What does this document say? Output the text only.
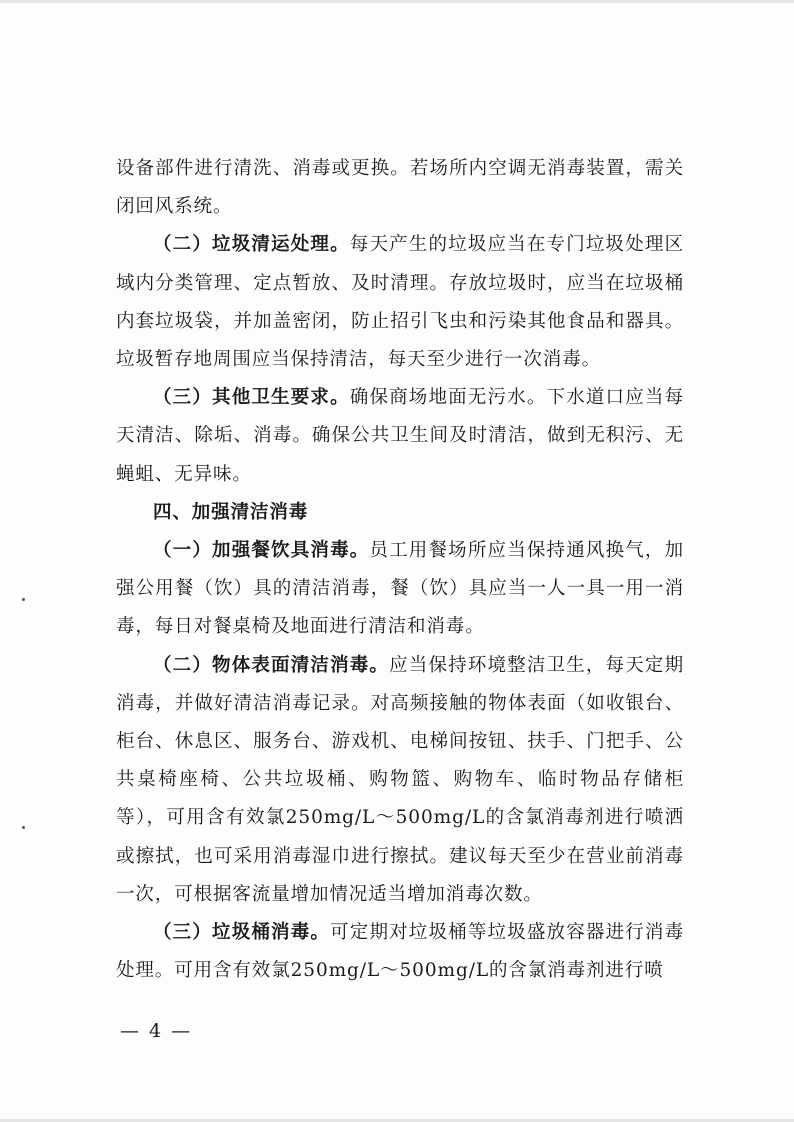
设备部件进行清洗、消毒或更换。若场所内空调无消毒装置，需关闭回风系统。

（二）垃圾清运处理。每天产生的垃圾应当在专门垃圾处理区域内分类管理、定点暂放、及时清理。存放垃圾时，应当在垃圾桶内套垃圾袋，并加盖密闭，防止招引飞虫和污染其他食品和器具。垃圾暂存地周围应当保持清洁，每天至少进行一次消毒。

（三）其他卫生要求。确保商场地面无污水。下水道口应当每天清洁、除垢、消毒。确保公共卫生间及时清洁，做到无积污、无蝇蛆、无异味。

四、加强清洁消毒

（一）加强餐饮具消毒。员工用餐场所应当保持通风换气，加强公用餐（饮）具的清洁消毒，餐（饮）具应当一人一具一用一消毒，每日对餐桌椅及地面进行清洁和消毒。

（二）物体表面清洁消毒。应当保持环境整洁卫生，每天定期消毒，并做好清洁消毒记录。对高频接触的物体表面（如收银台、柜台、休息区、服务台、游戏机、电梯间按钮、扶手、门把手、公共桌椅座椅、公共垃圾桶、购物篮、购物车、临时物品存储柜等），可用含有效氯250mg/L～500mg/L的含氯消毒剂进行喷洒或擦拭，也可采用消毒湿巾进行擦拭。建议每天至少在营业前消毒一次，可根据客流量增加情况适当增加消毒次数。

（三）垃圾桶消毒。可定期对垃圾桶等垃圾盛放容器进行消毒处理。可用含有效氯250mg/L～500mg/L的含氯消毒剂进行喷

— 4 —
